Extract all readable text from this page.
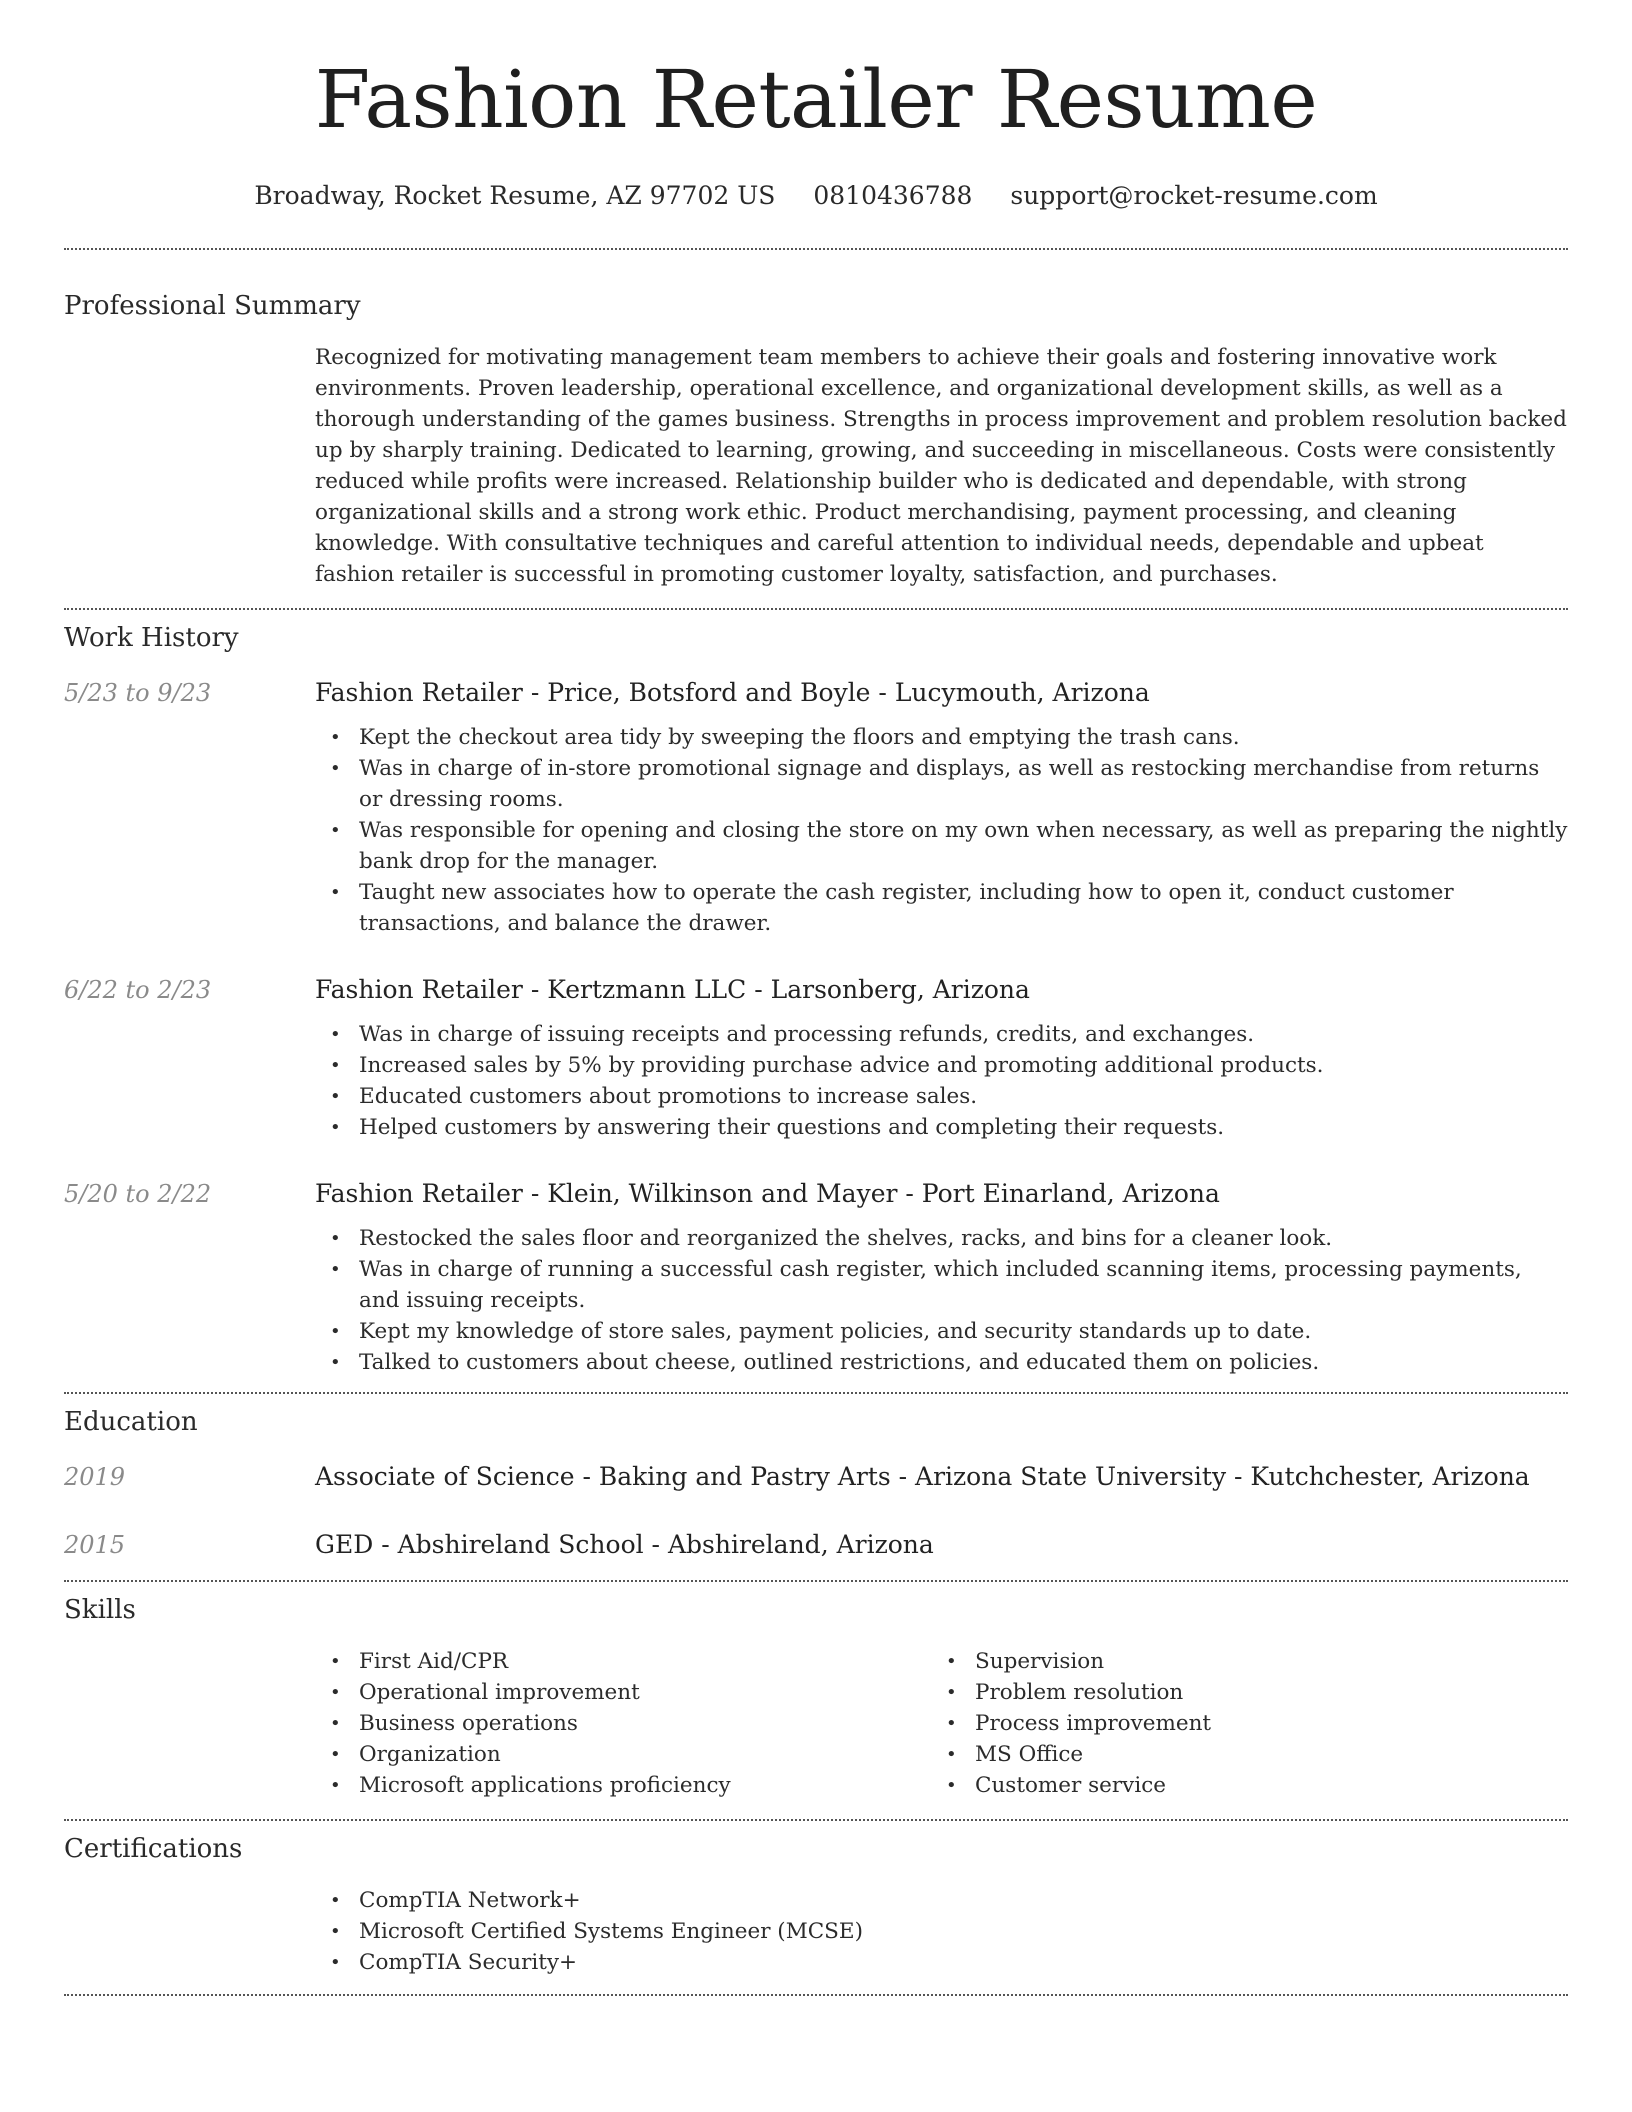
Fashion Retailer Resume
Broadway, Rocket Resume, AZ 97702 US 0810436788 support@rocket-resume.com
Professional Summary

Recognized for motivating management team members to achieve their goals and fostering innovative work environments. Proven leadership, operational excellence, and organizational development skills, as well as a thorough understanding of the games business. Strengths in process improvement and problem resolution backed up by sharply training. Dedicated to learning, growing, and succeeding in miscellaneous. Costs were consistently reduced while profits were increased. Relationship builder who is dedicated and dependable, with strong organizational skills and a strong work ethic. Product merchandising, payment processing, and cleaning knowledge. With consultative techniques and careful attention to individual needs, dependable and upbeat fashion retailer is successful in promoting customer loyalty, satisfaction, and purchases.

Work History
5/23 to 9/23	Fashion Retailer - Price, Botsford and Boyle - Lucymouth, Arizona
• Kept the checkout area tidy by sweeping the floors and emptying the trash cans.
• Was in charge of in-store promotional signage and displays, as well as restocking merchandise from returns or dressing rooms.
• Was responsible for opening and closing the store on my own when necessary, as well as preparing the nightly bank drop for the manager.
• Taught new associates how to operate the cash register, including how to open it, conduct customer transactions, and balance the drawer.
6/22 to 2/23	Fashion Retailer - Kertzmann LLC - Larsonberg, Arizona
• Was in charge of issuing receipts and processing refunds, credits, and exchanges.
• Increased sales by 5% by providing purchase advice and promoting additional products.
• Educated customers about promotions to increase sales.
• Helped customers by answering their questions and completing their requests.
5/20 to 2/22	Fashion Retailer - Klein, Wilkinson and Mayer - Port Einarland, Arizona
• Restocked the sales floor and reorganized the shelves, racks, and bins for a cleaner look.
• Was in charge of running a successful cash register, which included scanning items, processing payments, and issuing receipts.
• Kept my knowledge of store sales, payment policies, and security standards up to date.
• Talked to customers about cheese, outlined restrictions, and educated them on policies.
Education
2019	Associate of Science - Baking and Pastry Arts - Arizona State University - Kutchchester, Arizona
2015	GED - Abshireland School - Abshireland, Arizona
Skills
• First Aid/CPR
• Operational improvement
• Business operations
• Organization
• Microsoft applications proficiency
• Supervision
• Problem resolution
• Process improvement
• MS Office
• Customer service
Certifications
• CompTIA Network+
• Microsoft Certified Systems Engineer (MCSE)
• CompTIA Security+
